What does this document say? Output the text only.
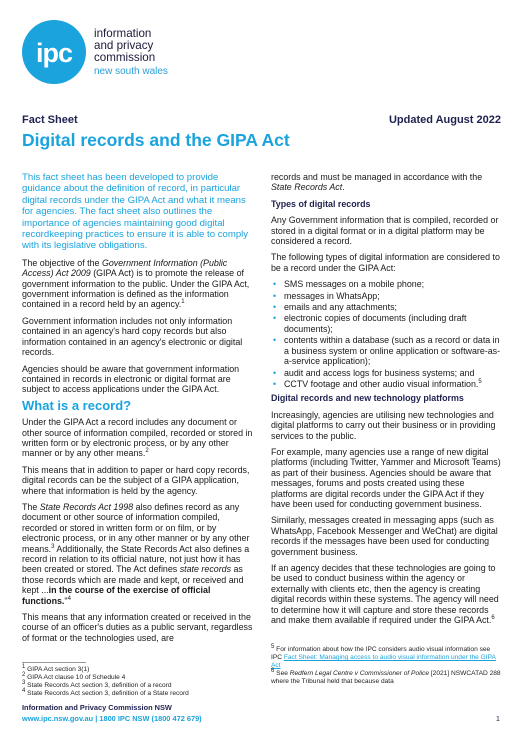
ipc
information
and privacy
commission
new south wales
Fact Sheet	Updated August 2022
Digital records and the GIPA Act
This fact sheet has been developed to provide guidance about the definition of record, in particular digital records under the GIPA Act and what it means for agencies. The fact sheet also outlines the importance of agencies maintaining good digital recordkeeping practices to ensure it is able to comply with its legislative obligations.

The objective of the Government Information (Public Access) Act 2009 (GIPA Act) is to promote the release of government information to the public. Under the GIPA Act, government information is defined as the information contained in a record held by an agency.$^1$

Government information includes not only information contained in an agency's hard copy records but also information contained in an agency's electronic or digital records.

Agencies should be aware that government information contained in records in electronic or digital format are subject to access applications under the GIPA Act.

What is a record?

Under the GIPA Act a record includes any document or other source of information compiled, recorded or stored in written form or by electronic process, or by any other manner or by any other means.$^2$

This means that in addition to paper or hard copy records, digital records can be the subject of a GIPA application, where that information is held by the agency.

The State Records Act 1998 also defines record as any document or other source of information compiled, recorded or stored in written form or on film, or by electronic process, or in any other manner or by any other means.$^3$ Additionally, the State Records Act also defines a record in relation to its official nature, not just how it has been created or stored. The Act defines state records as those records which are made and kept, or received and kept ...in the course of the exercise of official functions."$^4$

This means that any information created or received in the course of an officer's duties as a public servant, regardless of format or the technologies used, are

$^1$ GIPA Act section 3(1)
$^2$ GIPA Act clause 10 of Schedule 4
$^3$ State Records Act section 3, definition of a record
$^4$ State Records Act section 3, definition of a State record

records and must be managed in accordance with the State Records Act.

Types of digital records

Any Government information that is compiled, recorded or stored in a digital format or in a digital platform may be considered a record.

The following types of digital information are considered to be a record under the GIPA Act:

• SMS messages on a mobile phone;
• messages in WhatsApp;
• emails and any attachments;
• electronic copies of documents (including draft documents);
• contents within a database (such as a record or data in a business system or online application or software-as-a-service application);
• audit and access logs for business systems; and
• CCTV footage and other audio visual information.$^5$
Digital records and new technology platforms

Increasingly, agencies are utilising new technologies and digital platforms to carry out their business or in providing services to the public.

For example, many agencies use a range of new digital platforms (including Twitter, Yammer and Microsoft Teams) as part of their business. Agencies should be aware that messages, forums and posts created using these platforms are digital records under the GIPA Act if they have been used for conducting government business.

Similarly, messages created in messaging apps (such as WhatsApp, Facebook Messenger and WeChat) are digital records if the messages have been used for conducting government business.

If an agency decides that these technologies are going to be used to conduct business within the agency or externally with clients etc, then the agency is creating digital records within these systems. The agency will need to determine how it will capture and store these records and make them available if required under the GIPA Act.$^6$

$^5$ For information about how the IPC considers audio visual information see IPC Fact Sheet: Managing access to audio visual information under the GIPA Act
$^6$ See Redfern Legal Centre v Commissioner of Police [2021] NSWCATAD 288 where the Tribunal held that because data
Information and Privacy Commission NSW
www.ipc.nsw.gov.au | 1800 IPC NSW (1800 472 679)	1
